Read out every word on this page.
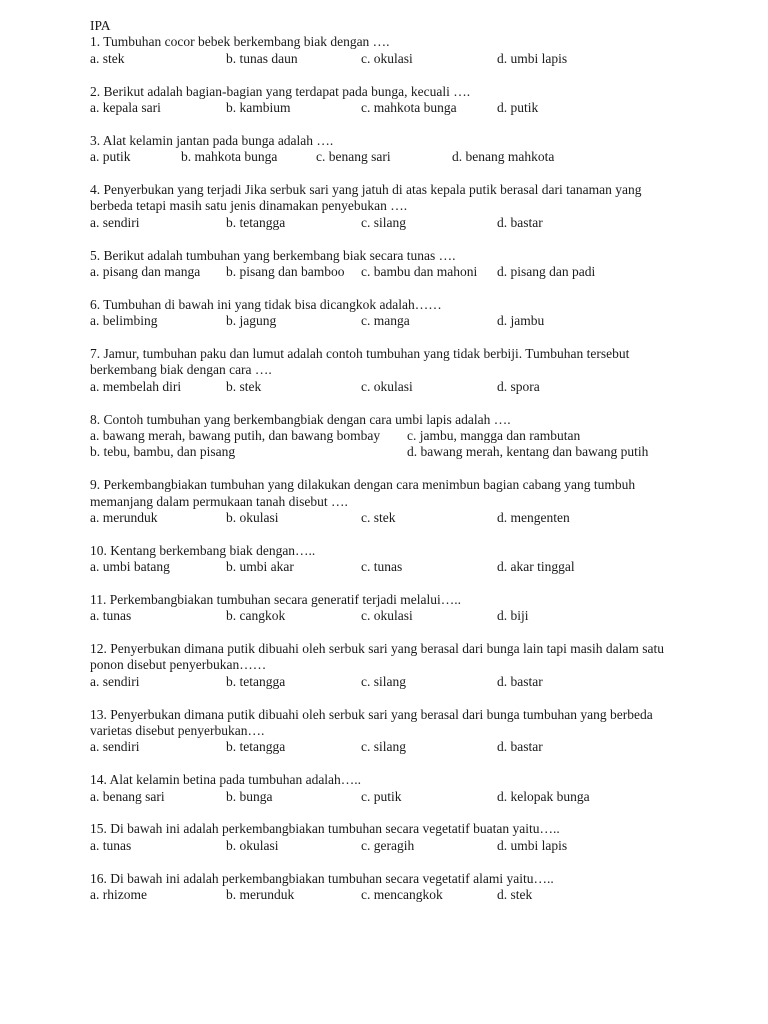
IPA
1. Tumbuhan cocor bebek berkembang biak dengan ….
a. stek	b. tunas daun	c. okulasi	d. umbi lapis
2. Berikut adalah bagian-bagian yang terdapat pada bunga, kecuali ….
a. kepala sari	b. kambium	c. mahkota bunga	d. putik
3. Alat kelamin jantan pada bunga adalah ….
a. putik	b. mahkota bunga	c. benang sari	d. benang mahkota
4. Penyerbukan yang terjadi Jika serbuk sari yang jatuh di atas kepala putik berasal dari tanaman yang
berbeda tetapi masih satu jenis dinamakan penyebukan ….
a. sendiri	b. tetangga	c. silang	d. bastar
5. Berikut adalah tumbuhan yang berkembang biak secara tunas ….
a. pisang dan manga b. pisang dan bamboo c. bambu dan mahoni d. pisang dan padi
6. Tumbuhan di bawah ini yang tidak bisa dicangkok adalah……
a. belimbing	b. jagung	c. manga	d. jambu
7. Jamur, tumbuhan paku dan lumut adalah contoh tumbuhan yang tidak berbiji. Tumbuhan tersebut
berkembang biak dengan cara ….
a. membelah diri	b. stek	c. okulasi	d. spora
8. Contoh tumbuhan yang berkembangbiak dengan cara umbi lapis adalah ….
a. bawang merah, bawang putih, dan bawang bombay c. jambu, mangga dan rambutan
b. tebu, bambu, dan pisang	d. bawang merah, kentang dan bawang putih
9. Perkembangbiakan tumbuhan yang dilakukan dengan cara menimbun bagian cabang yang tumbuh
memanjang dalam permukaan tanah disebut ….
a. merunduk	b. okulasi	c. stek	d. mengenten
10. Kentang berkembang biak dengan…..
a. umbi batang	b. umbi akar	c. tunas	d. akar tinggal
11. Perkembangbiakan tumbuhan secara generatif terjadi melalui…..
a. tunas	b. cangkok	c. okulasi	d. biji
12. Penyerbukan dimana putik dibuahi oleh serbuk sari yang berasal dari bunga lain tapi masih dalam satu
ponon disebut penyerbukan……
a. sendiri	b. tetangga	c. silang	d. bastar
13. Penyerbukan dimana putik dibuahi oleh serbuk sari yang berasal dari bunga tumbuhan yang berbeda
varietas disebut penyerbukan….
a. sendiri	b. tetangga	c. silang	d. bastar
14. Alat kelamin betina pada tumbuhan adalah…..
a. benang sari	b. bunga	c. putik	d. kelopak bunga
15. Di bawah ini adalah perkembangbiakan tumbuhan secara vegetatif buatan yaitu…..
a. tunas	b. okulasi	c. geragih	d. umbi lapis
16. Di bawah ini adalah perkembangbiakan tumbuhan secara vegetatif alami yaitu…..
a. rhizome	b. merunduk	c. mencangkok	d. stek
